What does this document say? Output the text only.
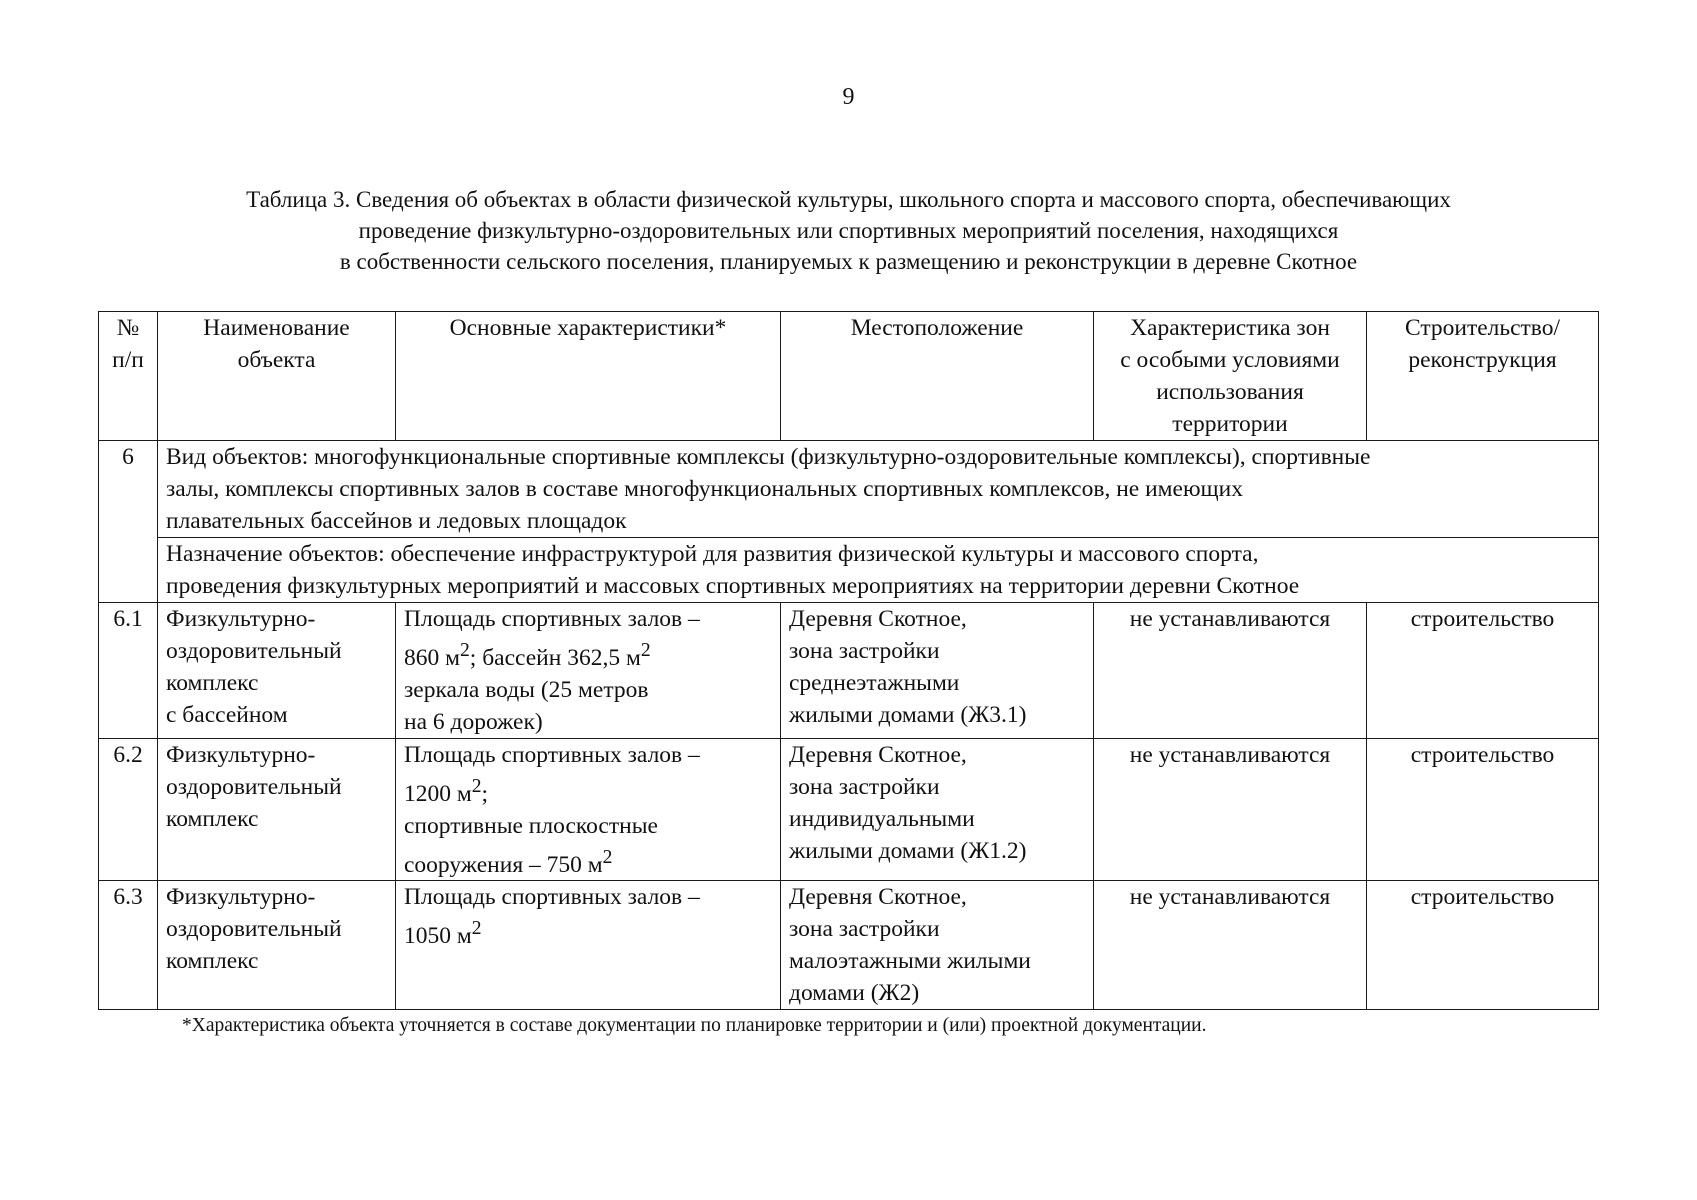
9
Таблица 3. Сведения об объектах в области физической культуры, школьного спорта и массового спорта, обеспечивающих
проведение физкультурно-оздоровительных или спортивных мероприятий поселения, находящихся
в собственности сельского поселения, планируемых к размещению и реконструкции в деревне Скотное
№
п/п	Наименование
объекта	Основные характеристики*	Местоположение	Характеристика зон
с особыми условиями
использования
территории	Строительство/
реконструкция

6	Вид объектов: многофункциональные спортивные комплексы (физкультурно-оздоровительные комплексы), спортивные
залы, комплексы спортивных залов в составе многофункциональных спортивных комплексов, не имеющих
плавательных бассейнов и ледовых площадок				

	Назначение объектов: обеспечение инфраструктурой для развития физической культуры и массового спорта,
проведения физкультурных мероприятий и массовых спортивных мероприятиях на территории деревни Скотное				

6.1	Физкультурно-
оздоровительный
комплекс
с бассейном	Площадь спортивных залов –
860 $м^2$; бассейн 362,5 $м^2$
зеркала воды (25 метров
на 6 дорожек)	Деревня Скотное,
зона застройки
среднеэтажными
жилыми домами (Ж3.1)	не устанавливаются	строительство
6.2	Физкультурно-
оздоровительный
комплекс	Площадь спортивных залов –
1200 $м^2$;
спортивные плоскостные
сооружения – 750 $м^2$	Деревня Скотное,
зона застройки
индивидуальными
жилыми домами (Ж1.2)	не устанавливаются	строительство
6.3	Физкультурно-
оздоровительный
комплекс	Площадь спортивных залов –
1050 $м^2$	Деревня Скотное,
зона застройки
малоэтажными жилыми
домами (Ж2)	не устанавливаются	строительство
*Характеристика объекта уточняется в составе документации по планировке территории и (или) проектной документации.
